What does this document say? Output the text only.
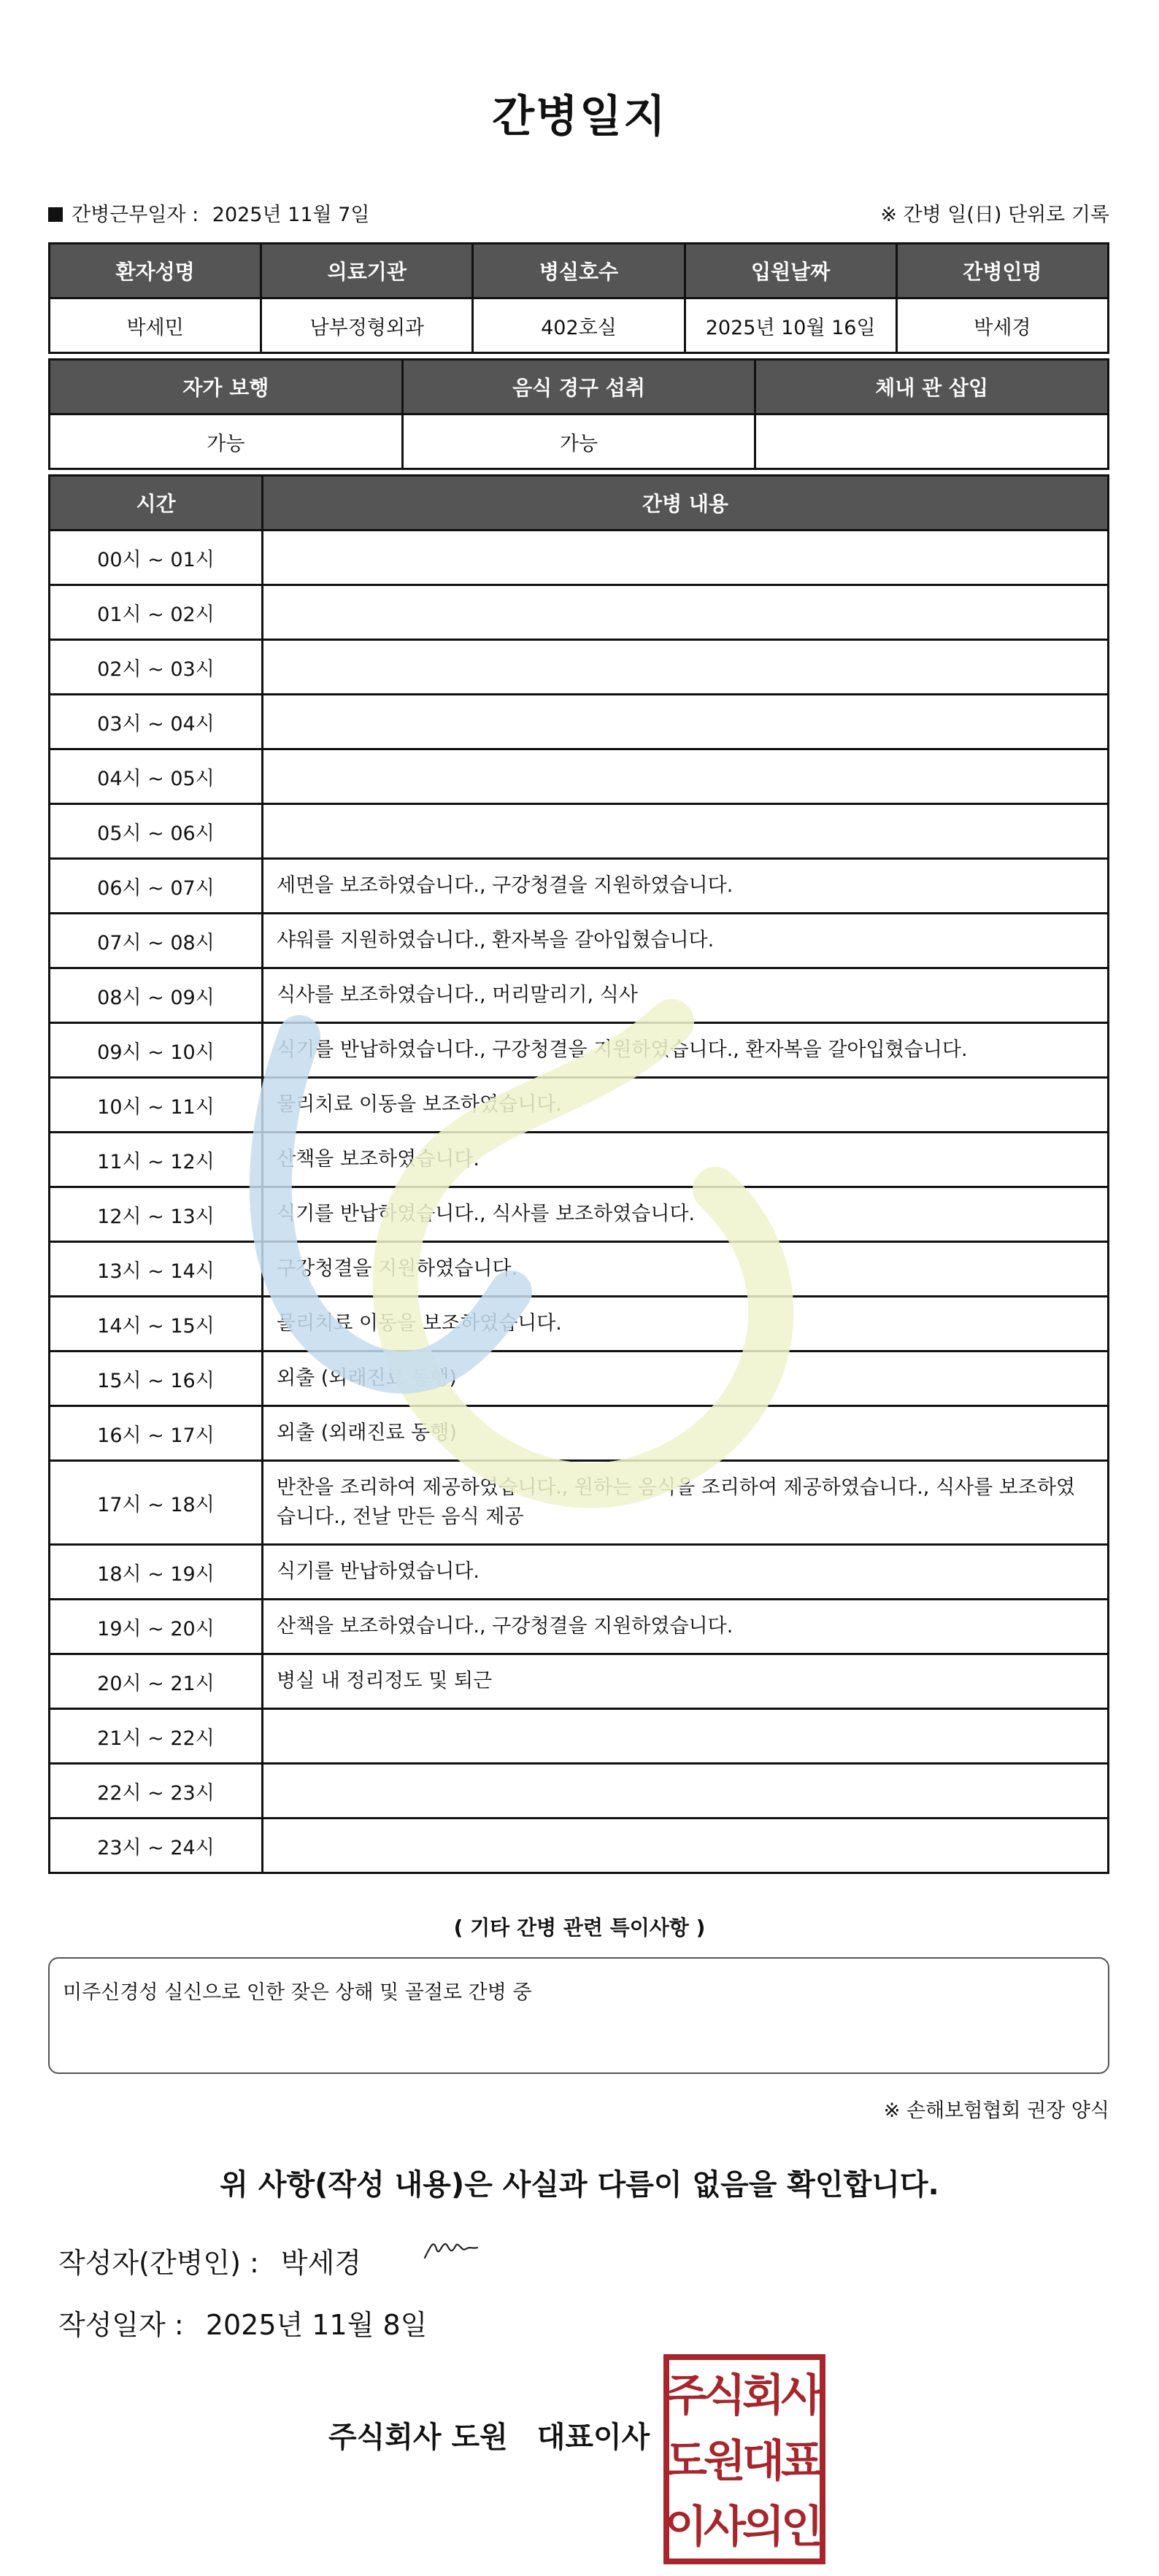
간병일지
간병근무일자 : 2025년 11월 7일	※ 간병 일(日) 단위로 기록
환자성명	의료기관	병실호수	입원날짜	간병인명
박세민	남부정형외과	402호실	2025년 10월 16일	박세경
자가 보행	음식 경구 섭취	체내 관 삽입
가능	가능	
시간	간병 내용
00시 ~ 01시	
01시 ~ 02시	
02시 ~ 03시	
03시 ~ 04시	
04시 ~ 05시	
05시 ~ 06시	
06시 ~ 07시	세면을 보조하였습니다., 구강청결을 지원하였습니다.
07시 ~ 08시	샤워를 지원하였습니다., 환자복을 갈아입혔습니다.
08시 ~ 09시	식사를 보조하였습니다., 머리말리기, 식사
09시 ~ 10시	식기를 반납하였습니다., 구강청결을 지원하였습니다., 환자복을 갈아입혔습니다.
10시 ~ 11시	물리치료 이동을 보조하였습니다.
11시 ~ 12시	산책을 보조하였습니다.
12시 ~ 13시	식기를 반납하였습니다., 식사를 보조하였습니다.
13시 ~ 14시	구강청결을 지원하였습니다.
14시 ~ 15시	물리치료 이동을 보조하였습니다.
15시 ~ 16시	외출 (외래진료 동행)
16시 ~ 17시	외출 (외래진료 동행)
17시 ~ 18시	반찬을 조리하여 제공하였습니다., 원하는 음식을 조리하여 제공하였습니다., 식사를 보조하였습니다., 전날 만든 음식 제공
18시 ~ 19시	식기를 반납하였습니다.
19시 ~ 20시	산책을 보조하였습니다., 구강청결을 지원하였습니다.
20시 ~ 21시	병실 내 정리정도 및 퇴근
21시 ~ 22시	
22시 ~ 23시	
23시 ~ 24시	
( 기타 간병 관련 특이사항 )
미주신경성 실신으로 인한 잦은 상해 및 골절로 간병 중
※ 손해보험협회 권장 양식
위 사항(작성 내용)은 사실과 다름이 없음을 확인합니다.
작성자(간병인) : 박세경
작성일자 : 2025년 11월 8일
주식회사 도원 대표이사
주
식
회
사
도
원
대
표
이
사
의
인
